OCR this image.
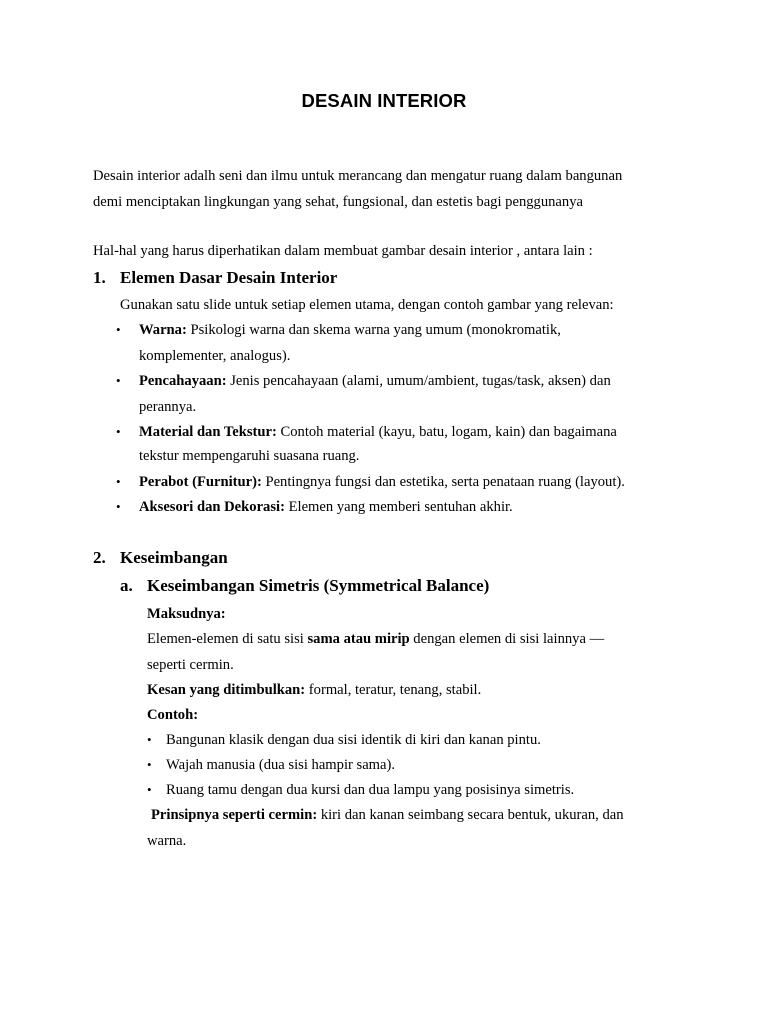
DESAIN INTERIOR
Desain interior adalh seni dan ilmu untuk merancang dan mengatur ruang dalam bangunan
demi menciptakan lingkungan yang sehat, fungsional, dan estetis bagi penggunanya
Hal-hal yang harus diperhatikan dalam membuat gambar desain interior , antara lain :
1. Elemen Dasar Desain Interior
Gunakan satu slide untuk setiap elemen utama, dengan contoh gambar yang relevan:
• Warna: Psikologi warna dan skema warna yang umum (monokromatik,
komplementer, analogus).
• Pencahayaan: Jenis pencahayaan (alami, umum/ambient, tugas/task, aksen) dan
perannya.
• Material dan Tekstur: Contoh material (kayu, batu, logam, kain) dan bagaimana
tekstur mempengaruhi suasana ruang.
• Perabot (Furnitur): Pentingnya fungsi dan estetika, serta penataan ruang (layout).
• Aksesori dan Dekorasi: Elemen yang memberi sentuhan akhir.
2. Keseimbangan
a. Keseimbangan Simetris (Symmetrical Balance)
Maksudnya:
Elemen-elemen di satu sisi sama atau mirip dengan elemen di sisi lainnya —
seperti cermin.
Kesan yang ditimbulkan: formal, teratur, tenang, stabil.
Contoh:
• Bangunan klasik dengan dua sisi identik di kiri dan kanan pintu.
• Wajah manusia (dua sisi hampir sama).
• Ruang tamu dengan dua kursi dan dua lampu yang posisinya simetris.
Prinsipnya seperti cermin: kiri dan kanan seimbang secara bentuk, ukuran, dan
warna.
